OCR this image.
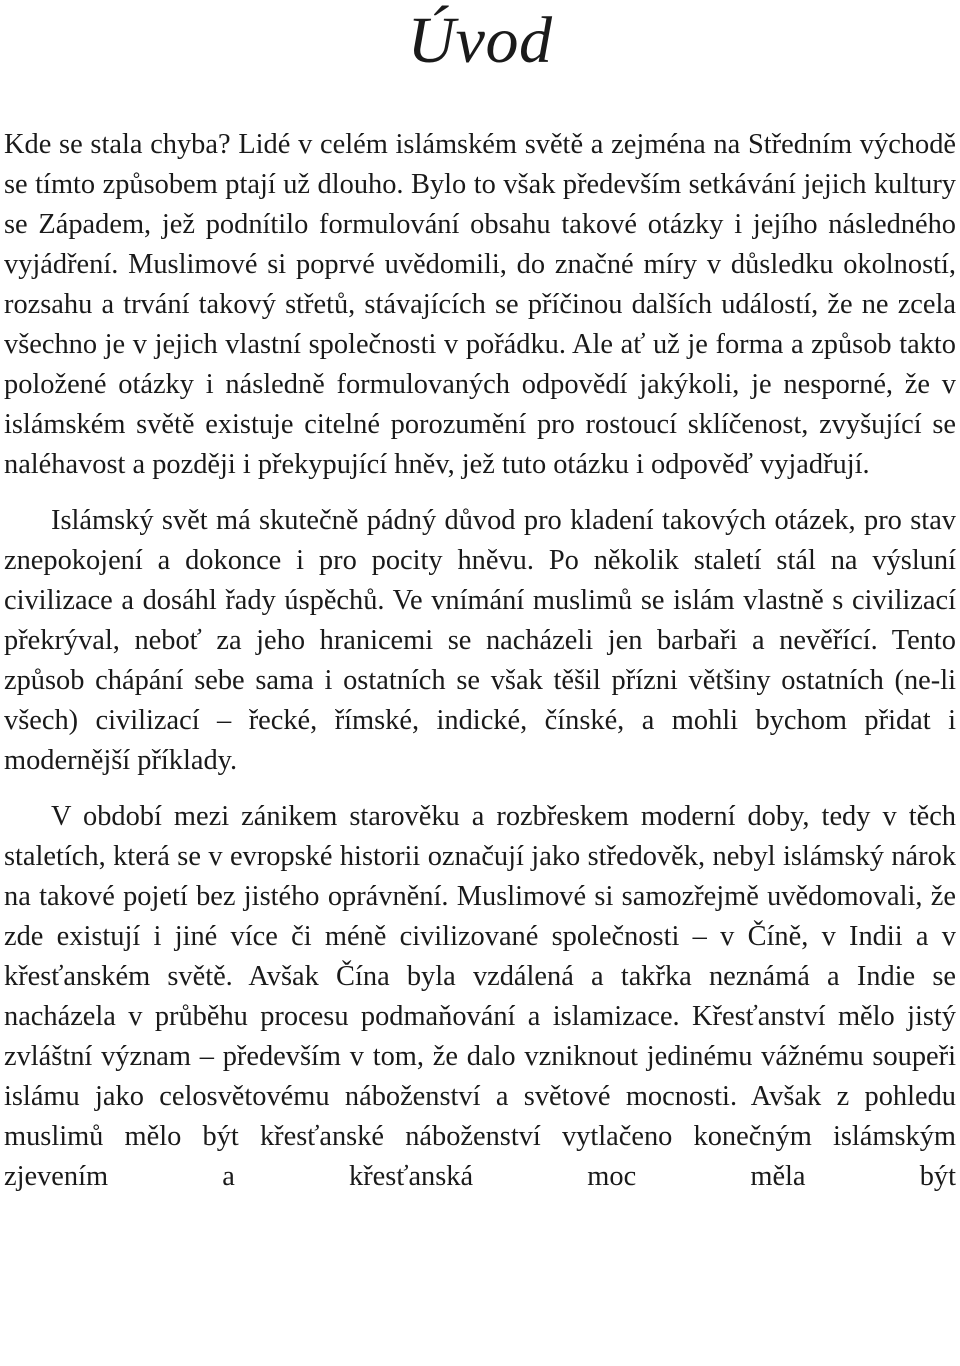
Úvod

Kde se stala chyba? Lidé v celém islámském světě a zejména na Středním východě se tímto způsobem ptají už dlouho. Bylo to však především setkávání jejich kultury se Západem, jež podnítilo formulování obsahu takové otázky i jejího následného vyjádření. Muslimové si poprvé uvědomili, do značné míry v důsledku okolností, rozsahu a trvání takový střetů, stávajících se příčinou dalších událostí, že ne zcela všechno je v jejich vlastní společnosti v pořádku. Ale ať už je forma a způsob takto položené otázky i následně formulovaných odpovědí jakýkoli, je nesporné, že v islámském světě existuje citelné porozumění pro rostoucí sklíčenost, zvyšující se naléhavost a později i překypující hněv, jež tuto otázku i odpověď vyjadřují.

Islámský svět má skutečně pádný důvod pro kladení takových otázek, pro stav znepokojení a dokonce i pro pocity hněvu. Po několik staletí stál na výsluní civilizace a dosáhl řady úspěchů. Ve vnímání muslimů se islám vlastně s civilizací překrýval, neboť za jeho hranicemi se nacházeli jen barbaři a nevěřící. Tento způsob chápání sebe sama i ostatních se však těšil přízni většiny ostatních (ne-li všech) civilizací – řecké, římské, indické, čínské, a mohli bychom přidat i modernější příklady.

V období mezi zánikem starověku a rozbřeskem moderní doby, tedy v těch staletích, která se v evropské historii označují jako středověk, nebyl islámský nárok na takové pojetí bez jistého oprávnění. Muslimové si samozřejmě uvědomovali, že zde existují i jiné více či méně civilizované společnosti – v Číně, v Indii a v křesťanském světě. Avšak Čína byla vzdálená a takřka neznámá a Indie se nacházela v průběhu procesu podmaňování a islamizace. Křesťanství mělo jistý zvláštní význam – především v tom, že dalo vzniknout jedinému vážnému soupeři islámu jako celosvětovému náboženství a světové mocnosti. Avšak z pohledu muslimů mělo být křesťanské náboženství vytlačeno konečným islámským zjevením a křesťanská moc měla být
